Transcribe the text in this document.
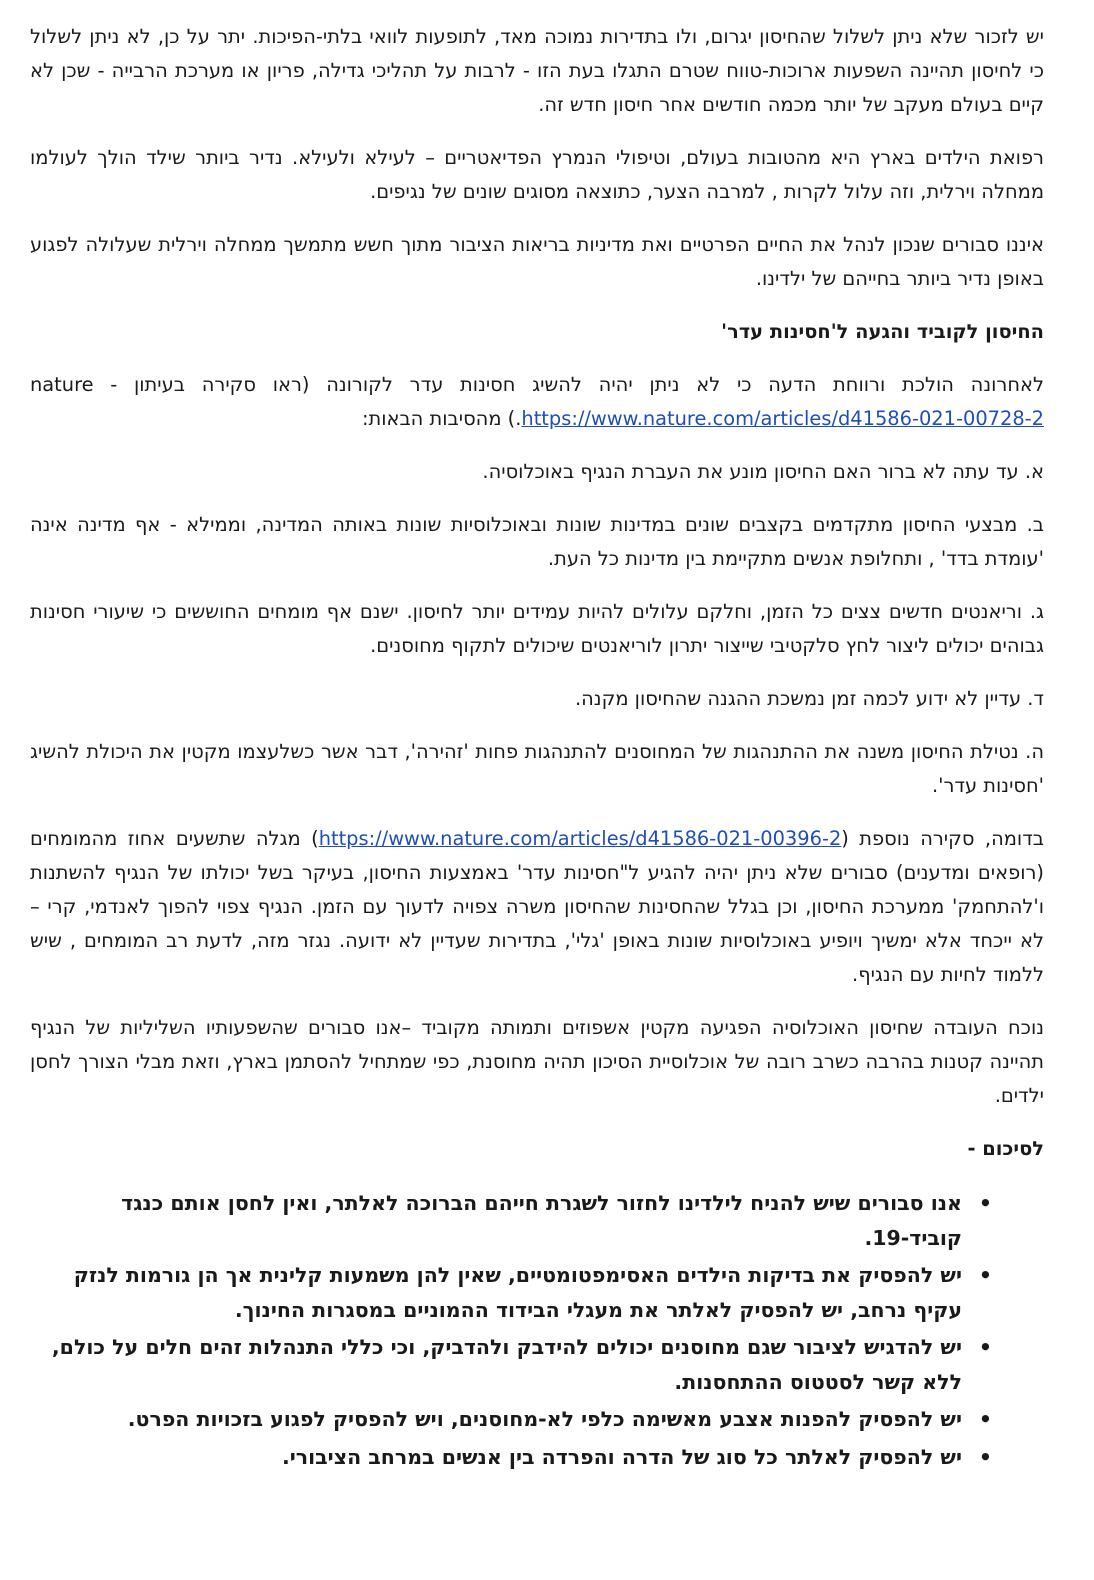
יש לזכור שלא ניתן לשלול שהחיסון יגרום, ולו בתדירות נמוכה מאד, לתופעות לוואי בלתי-הפיכות. יתר על כן, לא ניתן לשלול כי לחיסון תהיינה השפעות ארוכות-טווח שטרם התגלו בעת הזו - לרבות על תהליכי גדילה, פריון או מערכת הרבייה - שכן לא קיים בעולם מעקב של יותר מכמה חודשים אחר חיסון חדש זה.

רפואת הילדים בארץ היא מהטובות בעולם, וטיפולי הנמרץ הפדיאטריים – לעילא ולעילא. נדיר ביותר שילד הולך לעולמו ממחלה וירלית, וזה עלול לקרות , למרבה הצער, כתוצאה מסוגים שונים של נגיפים.

איננו סבורים שנכון לנהל את החיים הפרטיים ואת מדיניות בריאות הציבור מתוך חשש מתמשך ממחלה וירלית שעלולה לפגוע באופן נדיר ביותר בחייהם של ילדינו.

החיסון לקוביד והגעה ל'חסינות עדר'

לאחרונה הולכת ורווחת הדעה כי לא ניתן יהיה להשיג חסינות עדר לקורונה (ראו סקירה בעיתון nature - https://www.nature.com/articles/d41586-021-00728-2.) מהסיבות הבאות:

א. עד עתה לא ברור האם החיסון מונע את העברת הנגיף באוכלוסיה.

ב. מבצעי החיסון מתקדמים בקצבים שונים במדינות שונות ובאוכלוסיות שונות באותה המדינה, וממילא - אף מדינה אינה 'עומדת בדד' , ותחלופת אנשים מתקיימת בין מדינות כל העת.

ג. וריאנטים חדשים צצים כל הזמן, וחלקם עלולים להיות עמידים יותר לחיסון. ישנם אף מומחים החוששים כי שיעורי חסינות גבוהים יכולים ליצור לחץ סלקטיבי שייצור יתרון לוריאנטים שיכולים לתקוף מחוסנים.

ד. עדיין לא ידוע לכמה זמן נמשכת ההגנה שהחיסון מקנה.

ה. נטילת החיסון משנה את ההתנהגות של המחוסנים להתנהגות פחות 'זהירה', דבר אשר כשלעצמו מקטין את היכולת להשיג 'חסינות עדר'.

בדומה, סקירה נוספת (https://www.nature.com/articles/d41586-021-00396-2) מגלה שתשעים אחוז מהמומחים (רופאים ומדענים) סבורים שלא ניתן יהיה להגיע ל"חסינות עדר' באמצעות החיסון, בעיקר בשל יכולתו של הנגיף להשתנות ו'להתחמק' ממערכת החיסון, וכן בגלל שהחסינות שהחיסון משרה צפויה לדעוך עם הזמן. הנגיף צפוי להפוך לאנדמי, קרי – לא ייכחד אלא ימשיך ויופיע באוכלוסיות שונות באופן 'גלי', בתדירות שעדיין לא ידועה. נגזר מזה, לדעת רב המומחים , שיש ללמוד לחיות עם הנגיף.

נוכח העובדה שחיסון האוכלוסיה הפגיעה מקטין אשפוזים ותמותה מקוביד –אנו סבורים שהשפעותיו השליליות של הנגיף תהיינה קטנות בהרבה כשרב רובה של אוכלוסיית הסיכון תהיה מחוסנת, כפי שמתחיל להסתמן בארץ, וזאת מבלי הצורך לחסן ילדים.

לסיכום -
•
אנו סבורים שיש להניח לילדינו לחזור לשגרת חייהם הברוכה לאלתר, ואין לחסן אותם כנגד קוביד-19.
•
יש להפסיק את בדיקות הילדים האסימפטומטיים, שאין להן משמעות קלינית אך הן גורמות לנזק עקיף נרחב, יש להפסיק לאלתר את מעגלי הבידוד ההמוניים במסגרות החינוך.
•
יש להדגיש לציבור שגם מחוסנים יכולים להידבק ולהדביק, וכי כללי התנהלות זהים חלים על כולם, ללא קשר לסטטוס ההתחסנות.
•
יש להפסיק להפנות אצבע מאשימה כלפי לא-מחוסנים, ויש להפסיק לפגוע בזכויות הפרט.
•
יש להפסיק לאלתר כל סוג של הדרה והפרדה בין אנשים במרחב הציבורי.
